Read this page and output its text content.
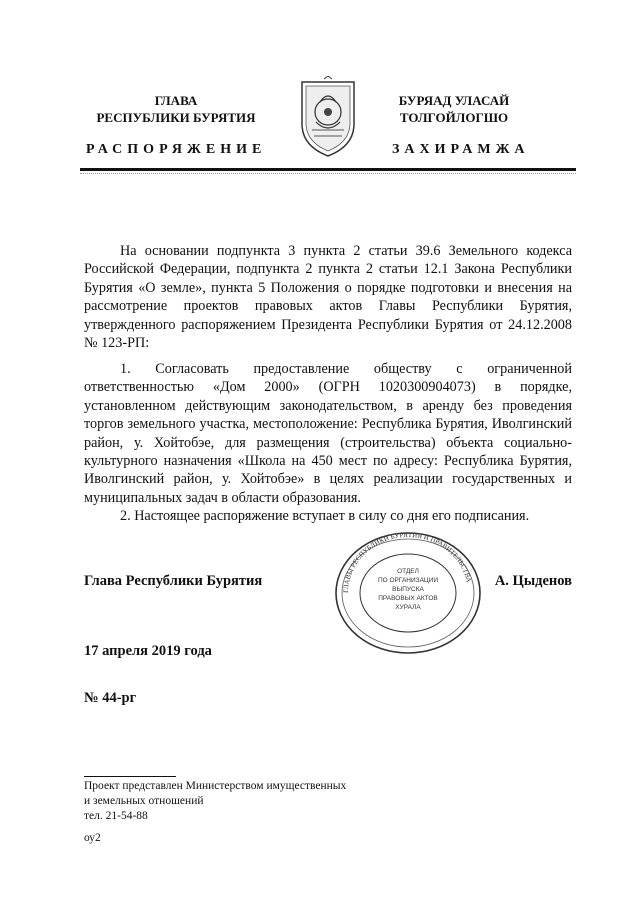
ГЛАВА
РЕСПУБЛИКИ БУРЯТИЯ
БУРЯАД УЛАСАЙ
ТОЛГОЙЛОГШО
РАСПОРЯЖЕНИЕ	ЗАХИРАМЖА
На основании подпункта 3 пункта 2 статьи 39.6 Земельного кодекса Российской Федерации, подпункта 2 пункта 2 статьи 12.1 Закона Республики Бурятия «О земле», пункта 5 Положения о порядке подготовки и внесения на рассмотрение проектов правовых актов Главы Республики Бурятия, утвержденного распоряжением Президента Республики Бурятия от 24.12.2008 № 123-РП:
1. Согласовать предоставление обществу с ограниченной ответственностью «Дом 2000» (ОГРН 1020300904073) в порядке, установленном действующим законодательством, в аренду без проведения торгов земельного участка, местоположение: Республика Бурятия, Иволгинский район, у. Хойтобэе, для размещения (строительства) объекта социально-культурного назначения «Школа на 450 мест по адресу: Республика Бурятия, Иволгинский район, у. Хойтобэе» в целях реализации государственных и муниципальных задач в области образования.
2. Настоящее распоряжение вступает в силу со дня его подписания.
Глава Республики Бурятия
ГЛАВЫ РЕСПУБЛИКИ БУРЯТИЯ И ПРАВИТЕЛЬСТВА
ОТДЕЛ
ПО ОРГАНИЗАЦИИ
ВЫПУСКА
ПРАВОВЫХ АКТОВ
ХУРАЛА
А. Цыденов
17 апреля 2019 года
№ 44-рг
Проект представлен Министерством имущественных
и земельных отношений
тел. 21-54-88
оу2
